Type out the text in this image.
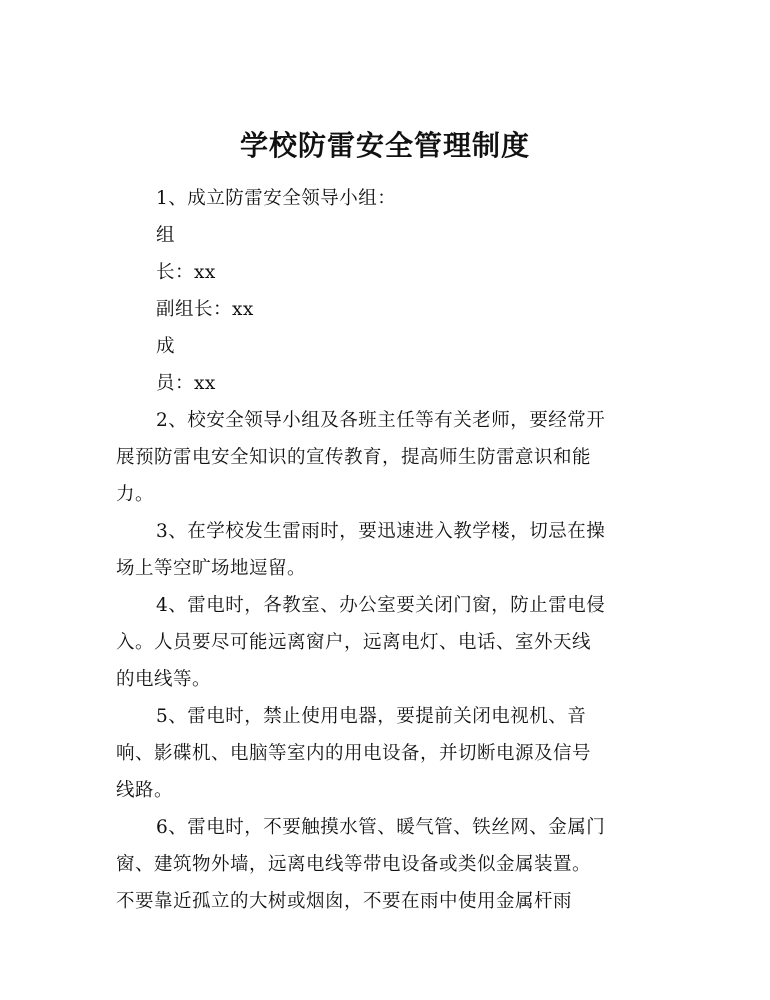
学校防雷安全管理制度
1、成立防雷安全领导小组：
组
长：xx
副组长：xx
成
员：xx
2、校安全领导小组及各班主任等有关老师，要经常开
展预防雷电安全知识的宣传教育，提高师生防雷意识和能
力。
3、在学校发生雷雨时，要迅速进入教学楼，切忌在操
场上等空旷场地逗留。
4、雷电时，各教室、办公室要关闭门窗，防止雷电侵
入。人员要尽可能远离窗户，远离电灯、电话、室外天线
的电线等。
5、雷电时，禁止使用电器，要提前关闭电视机、音
响、影碟机、电脑等室内的用电设备，并切断电源及信号
线路。
6、雷电时，不要触摸水管、暖气管、铁丝网、金属门
窗、建筑物外墙，远离电线等带电设备或类似金属装置。
不要靠近孤立的大树或烟囱，不要在雨中使用金属杆雨
